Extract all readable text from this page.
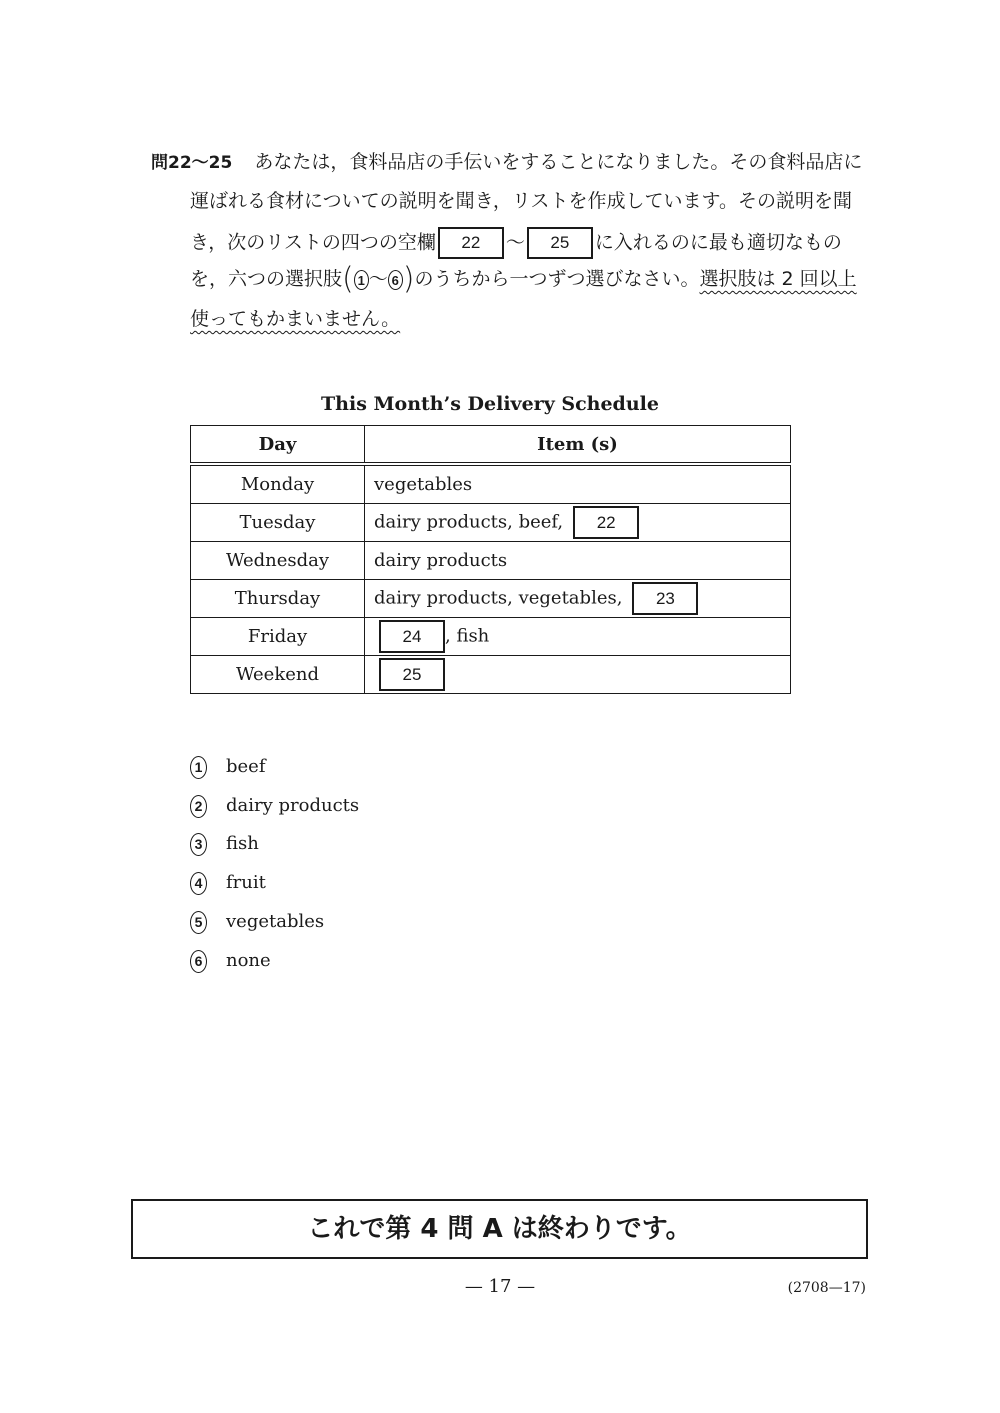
問22～25 あなたは，食料品店の手伝いをすることになりました。その食料品店に
運ばれる食材についての説明を聞き，リストを作成しています。その説明を聞
き，次のリストの四つの空欄 22 ～ 25 に入れるのに最も適切なもの
を，六つの選択肢( 1 ～ 6 )のうちから一つずつ選びなさい。選択肢は 2 回以上
使ってもかまいません。
This Month’s Delivery Schedule
Day	Item (s)
Monday	vegetables
Tuesday	dairy products, beef, 22
Wednesday	dairy products
Thursday	dairy products, vegetables, 23
Friday	24 , fish
Weekend	25
1 beef
2 dairy products
3 fish
4 fruit
5 vegetables
6 none
これで第 4 問 A は終わりです。
— 17 —	(2708—17)
